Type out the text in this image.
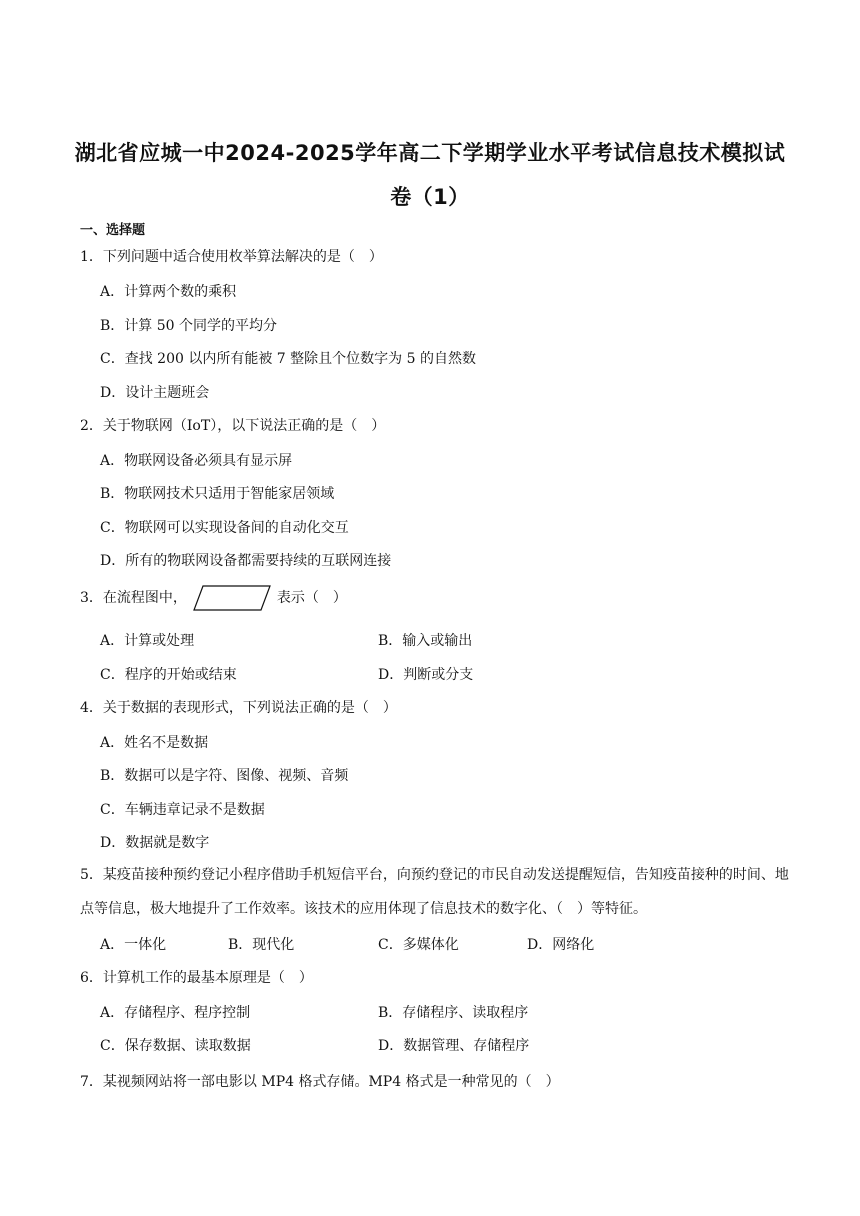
湖北省应城一中2024-2025学年高二下学期学业水平考试信息技术模拟试
卷（1）
一、选择题
1．下列问题中适合使用枚举算法解决的是（　）
A．计算两个数的乘积
B．计算 50 个同学的平均分
C．查找 200 以内所有能被 7 整除且个位数字为 5 的自然数
D．设计主题班会
2．关于物联网（IoT），以下说法正确的是（　）
A．物联网设备必须具有显示屏
B．物联网技术只适用于智能家居领域
C．物联网可以实现设备间的自动化交互
D．所有的物联网设备都需要持续的互联网连接
3．在流程图中，	表示（　）
A．计算或处理	B．输入或输出
C．程序的开始或结束	D．判断或分支
4．关于数据的表现形式，下列说法正确的是（　）
A．姓名不是数据
B．数据可以是字符、图像、视频、音频
C．车辆违章记录不是数据
D．数据就是数字
5．某疫苗接种预约登记小程序借助手机短信平台，向预约登记的市民自动发送提醒短信，告知疫苗接种的时间、地点等信息，极大地提升了工作效率。该技术的应用体现了信息技术的数字化、（　）等特征。
A．一体化	B．现代化	C．多媒体化	D．网络化
6．计算机工作的最基本原理是（　）
A．存储程序、程序控制	B．存储程序、读取程序
C．保存数据、读取数据	D．数据管理、存储程序
7．某视频网站将一部电影以 MP4 格式存储。MP4 格式是一种常见的（　）
